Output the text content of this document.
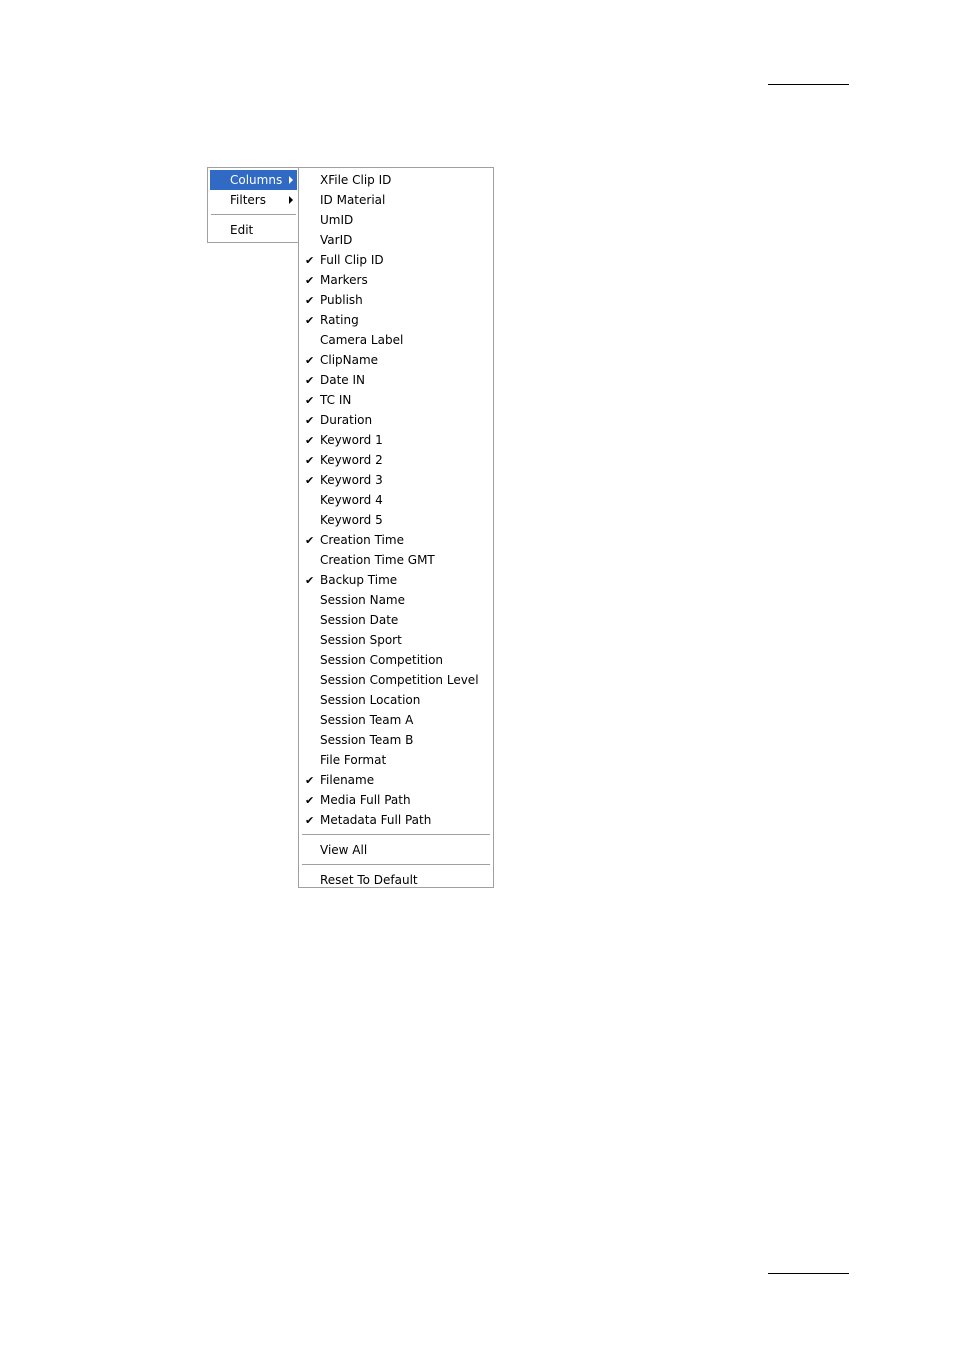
Columns
Filters
Edit
XFile Clip ID
ID Material
UmID
VarID
✔ Full Clip ID
✔ Markers
✔ Publish
✔ Rating
Camera Label
✔ ClipName
✔ Date IN
✔ TC IN
✔ Duration
✔ Keyword 1
✔ Keyword 2
✔ Keyword 3
Keyword 4
Keyword 5
✔ Creation Time
Creation Time GMT
✔ Backup Time
Session Name
Session Date
Session Sport
Session Competition
Session Competition Level
Session Location
Session Team A
Session Team B
File Format
✔ Filename
✔ Media Full Path
✔ Metadata Full Path
View All
Reset To Default
